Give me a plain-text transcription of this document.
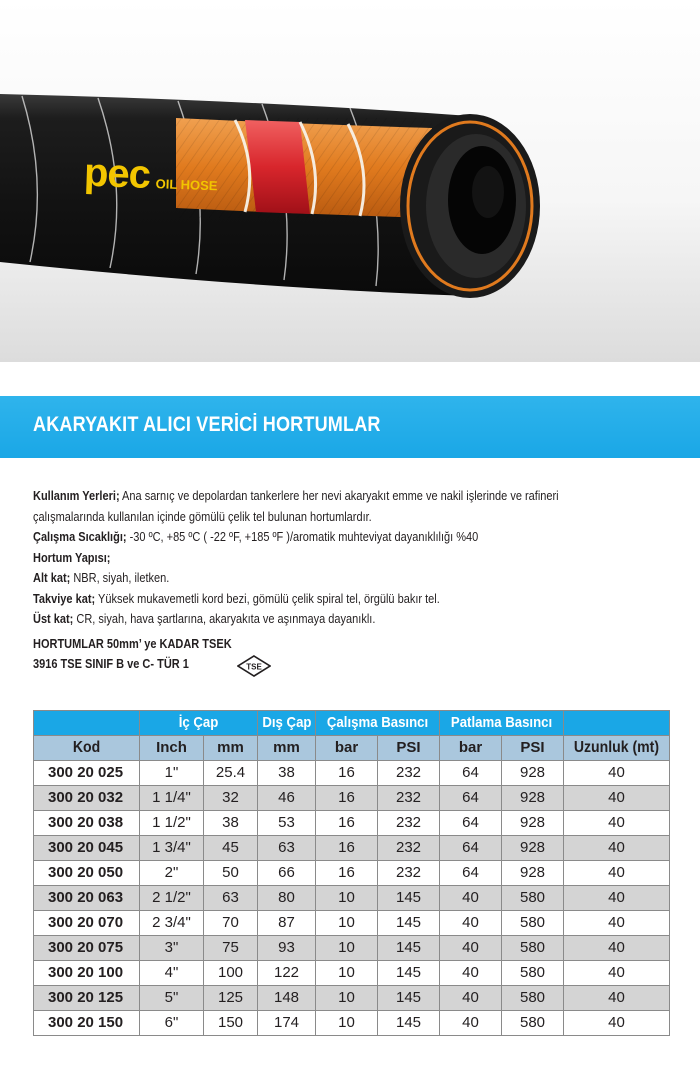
pec OIL HOSE
AKARYAKIT ALICI VERİCİ HORTUMLAR

Kullanım Yerleri; Ana sarnıç ve depolardan tankerlere her nevi akaryakıt emme ve nakil işlerinde ve rafineri

çalışmalarında kullanılan içinde gömülü çelik tel bulunan hortumlardır.

Çalışma Sıcaklığı; -30 ºC, +85 ºC ( -22 ºF, +185 ºF )/aromatik muhteviyat dayanıklılığı %40

Hortum Yapısı;

Alt kat; NBR, siyah, iletken.

Takviye kat; Yüksek mukavemetli kord bezi, gömülü çelik spiral tel, örgülü bakır tel.

Üst kat; CR, siyah, hava şartlarına, akaryakıta ve aşınmaya dayanıklı.

HORTUMLAR 50mm’ ye KADAR TSEK

3916 TSE SINIF B ve C- TÜR 1	TSE
	İç Çap		Dış Çap	Çalışma Basıncı		Patlama Basıncı		
Kod	Inch	mm	mm	bar	PSI	bar	PSI	Uzunluk (mt)
300 20 025	1"	25.4	38	16	232	64	928	40
300 20 032	1 1/4"	32	46	16	232	64	928	40
300 20 038	1 1/2"	38	53	16	232	64	928	40
300 20 045	1 3/4"	45	63	16	232	64	928	40
300 20 050	2"	50	66	16	232	64	928	40
300 20 063	2 1/2"	63	80	10	145	40	580	40
300 20 070	2 3/4"	70	87	10	145	40	580	40
300 20 075	3"	75	93	10	145	40	580	40
300 20 100	4"	100	122	10	145	40	580	40
300 20 125	5"	125	148	10	145	40	580	40
300 20 150	6"	150	174	10	145	40	580	40
